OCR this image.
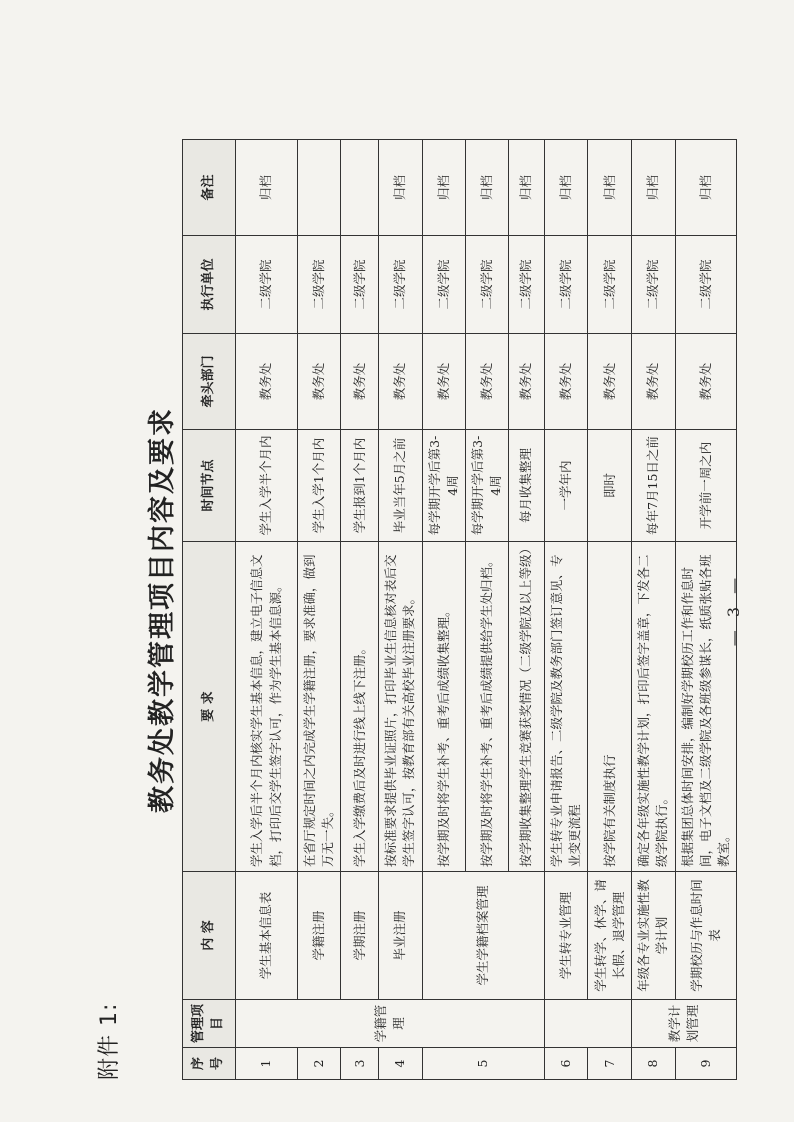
附件 1:
教务处教学管理项目内容及要求
序号	管理项目	内 容	要 求	时间节点	牵头部门	执行单位	备注
1	学籍管理	学生基本信息表	学生入学后半个月内核实学生基本信息，建立电子信息文档，打印后交学生签字认可，作为学生基本信息源。	学生入学半个月内	教务处	二级学院	归档
2		学籍注册	在省厅规定时间之内完成学生学籍注册，要求准确，做到万无一失。	学生入学1个月内	教务处	二级学院	
3		学期注册	学生入学缴费后及时进行线上线下注册。	学生报到1个月内	教务处	二级学院	
4		毕业注册	按标准要求提供毕业证照片，打印毕业生信息核对表后交学生签字认可，按教育部有关高校毕业注册要求。	毕业当年5月之前	教务处	二级学院	归档
5		学生学籍档案管理	按学期及时将学生补考、重考后成绩收集整理。	每学期开学后第3-4周	教务处	二级学院	归档
			按学期及时将学生补考、重考后成绩提供给学生处归档。	每学期开学后第3-4周	教务处	二级学院	归档
			按学期收集整理学生竞赛获奖情况（二级学院及以上等级）	每月收集整理	教务处	二级学院	归档
6		学生转专业管理	学生转专业申请报告、二级学院及教务部门签订意见、专业变更流程	一学年内	教务处	二级学院	归档
7		学生转学、休学、请长假、退学管理	按学院有关制度执行	即时	教务处	二级学院	归档
8	教学计划管理	年级各专业实施性教学计划	确定各年级实施性教学计划，打印后签字盖章，下发各二级学院执行。	每年7月15日之前	教务处	二级学院	归档
9		学期校历与作息时间表	根据集团总体时间安排，编制好学期校历工作和作息时间，电子文档及二级学院及各班级参谋长，纸质张贴各班教室。	开学前一周之内	教务处	二级学院	归档
— 3 —
